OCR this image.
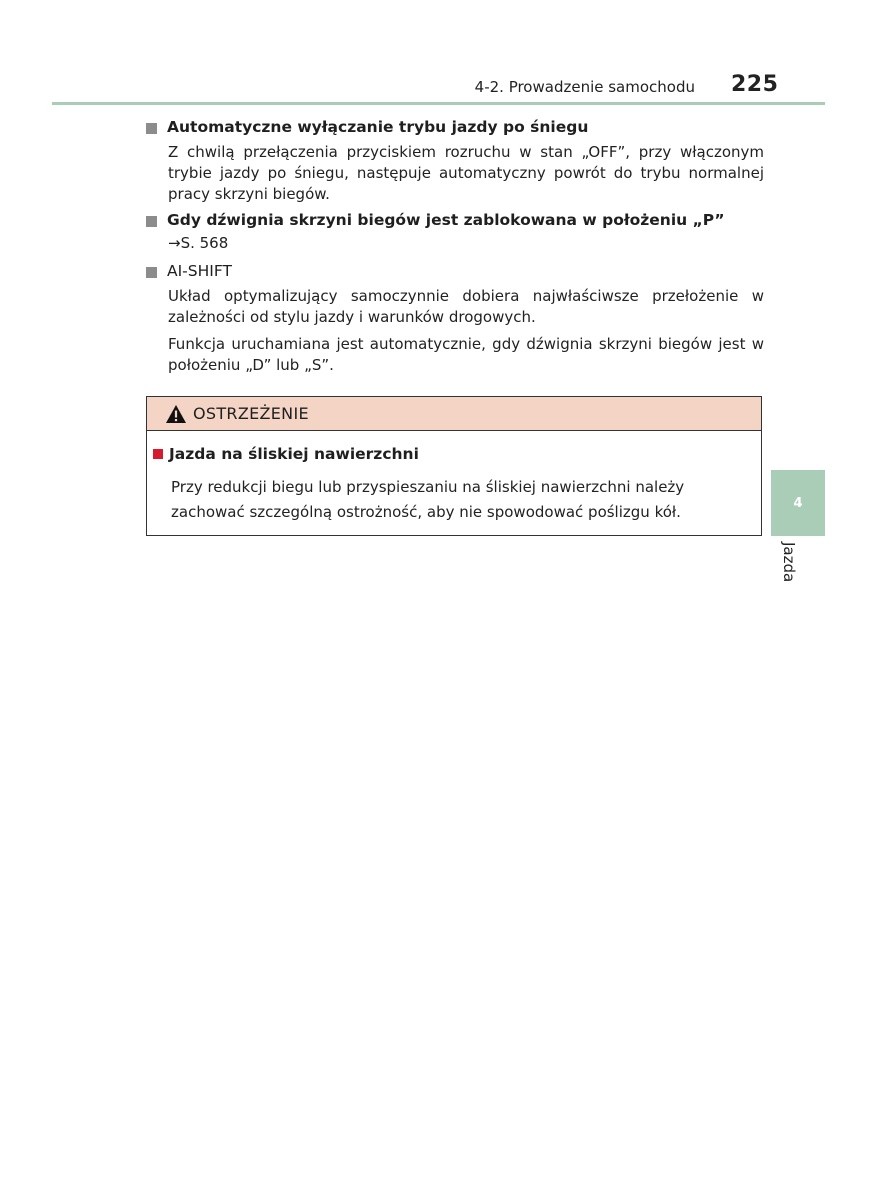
4-2. Prowadzenie samochodu 225
Automatyczne wyłączanie trybu jazdy po śniegu

Z chwilą przełączenia przyciskiem rozruchu w stan „OFF”, przy włączonym trybie jazdy po śniegu, następuje automatyczny powrót do trybu normalnej pracy skrzyni biegów.

Gdy dźwignia skrzyni biegów jest zablokowana w położeniu „P”

→S. 568

AI-SHIFT

Układ optymalizujący samoczynnie dobiera najwłaściwsze przełożenie w zależności od stylu jazdy i warunków drogowych.

Funkcja uruchamiana jest automatycznie, gdy dźwignia skrzyni biegów jest w położeniu „D” lub „S”.

OSTRZEŻENIE
Jazda na śliskiej nawierzchni
Przy redukcji biegu lub przyspieszaniu na śliskiej nawierzchni należy zachować szczególną ostrożność, aby nie spowodować poślizgu kół.	4
Jazda
